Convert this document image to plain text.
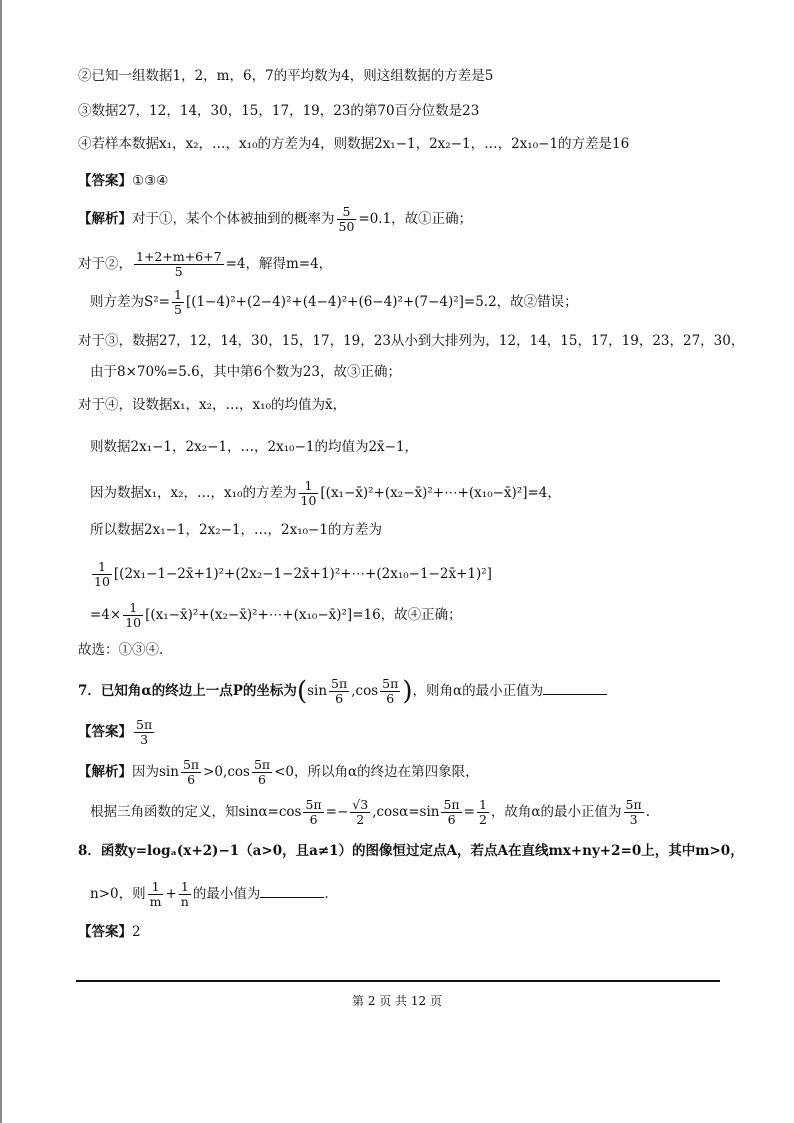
②已知一组数据1，2，m，6，7的平均数为4，则这组数据的方差是5
③数据27，12，14，30，15，17，19，23的第70百分位数是23
④若样本数据x₁，x₂，…，x₁₀的方差为4，则数据2x₁−1，2x₂−1，…，2x₁₀−1的方差是16
【答案】①③④
【解析】对于①，某个个体被抽到的概率为 $\frac{5}{50} =0.1$，故①正确；
对于②， $\frac{1+2+m+6+7}{5} =4$，解得m=4，
则方差为$S^2= \frac{1}{5} [(1-4)^2+(2-4)^2+(4-4)^2+(6-4)^2+(7-4)^2]=5.2$，故②错误；
对于③，数据27，12，14，30，15，17，19，23从小到大排列为，12，14，15，17，19，23，27，30，
由于8×70%=5.6，其中第6个数为23，故③正确；
对于④，设数据x₁，x₂，…，x₁₀的均值为x̄，
则数据2x₁−1，2x₂−1，…，2x₁₀−1的均值为2x̄−1，
因为数据x₁，x₂，…，x₁₀的方差为 $\frac{1}{10}$ [(x₁−x̄)²+(x₂−x̄)²+⋯+(x₁₀−x̄)²]=4，
所以数据2x₁−1，2x₂−1，…，2x₁₀−1的方差为
$\frac{1}{10}$ [(2x₁−1−2x̄+1)²+(2x₂−1−2x̄+1)²+⋯+(2x₁₀−1−2x̄+1)²]
$=4\times \frac{1}{10}$ [(x₁−x̄)²+(x₂−x̄)²+⋯+(x₁₀−x̄)²]=16，故④正确；
故选：①③④.
7．已知角α的终边上一点P的坐标为($\sin \frac{5\pi}{6} ,\cos \frac{5\pi}{6}$ )，则角α的最小正值为
【答案】 $\frac{5\pi}{3}$
【解析】因为$\sin \frac{5\pi}{6} >0,\cos \frac{5\pi}{6} <0$，所以角α的终边在第四象限，
根据三角函数的定义，知$\sin\alpha=\cos \frac{5\pi}{6} =- \frac{√3}{2} ,\cos\alpha=\sin \frac{5\pi}{6} = \frac{1}{2}$ ，故角α的最小正值为 $\frac{5\pi}{3}$ .
8．函数y=logₐ(x+2)−1（a>0，且a≠1）的图像恒过定点A，若点A在直线mx+ny+2=0上，其中m>0，
n>0，则 $\frac{1}{m} + \frac{1}{n}$ 的最小值为	.
【答案】2
第 2 页 共 12 页
